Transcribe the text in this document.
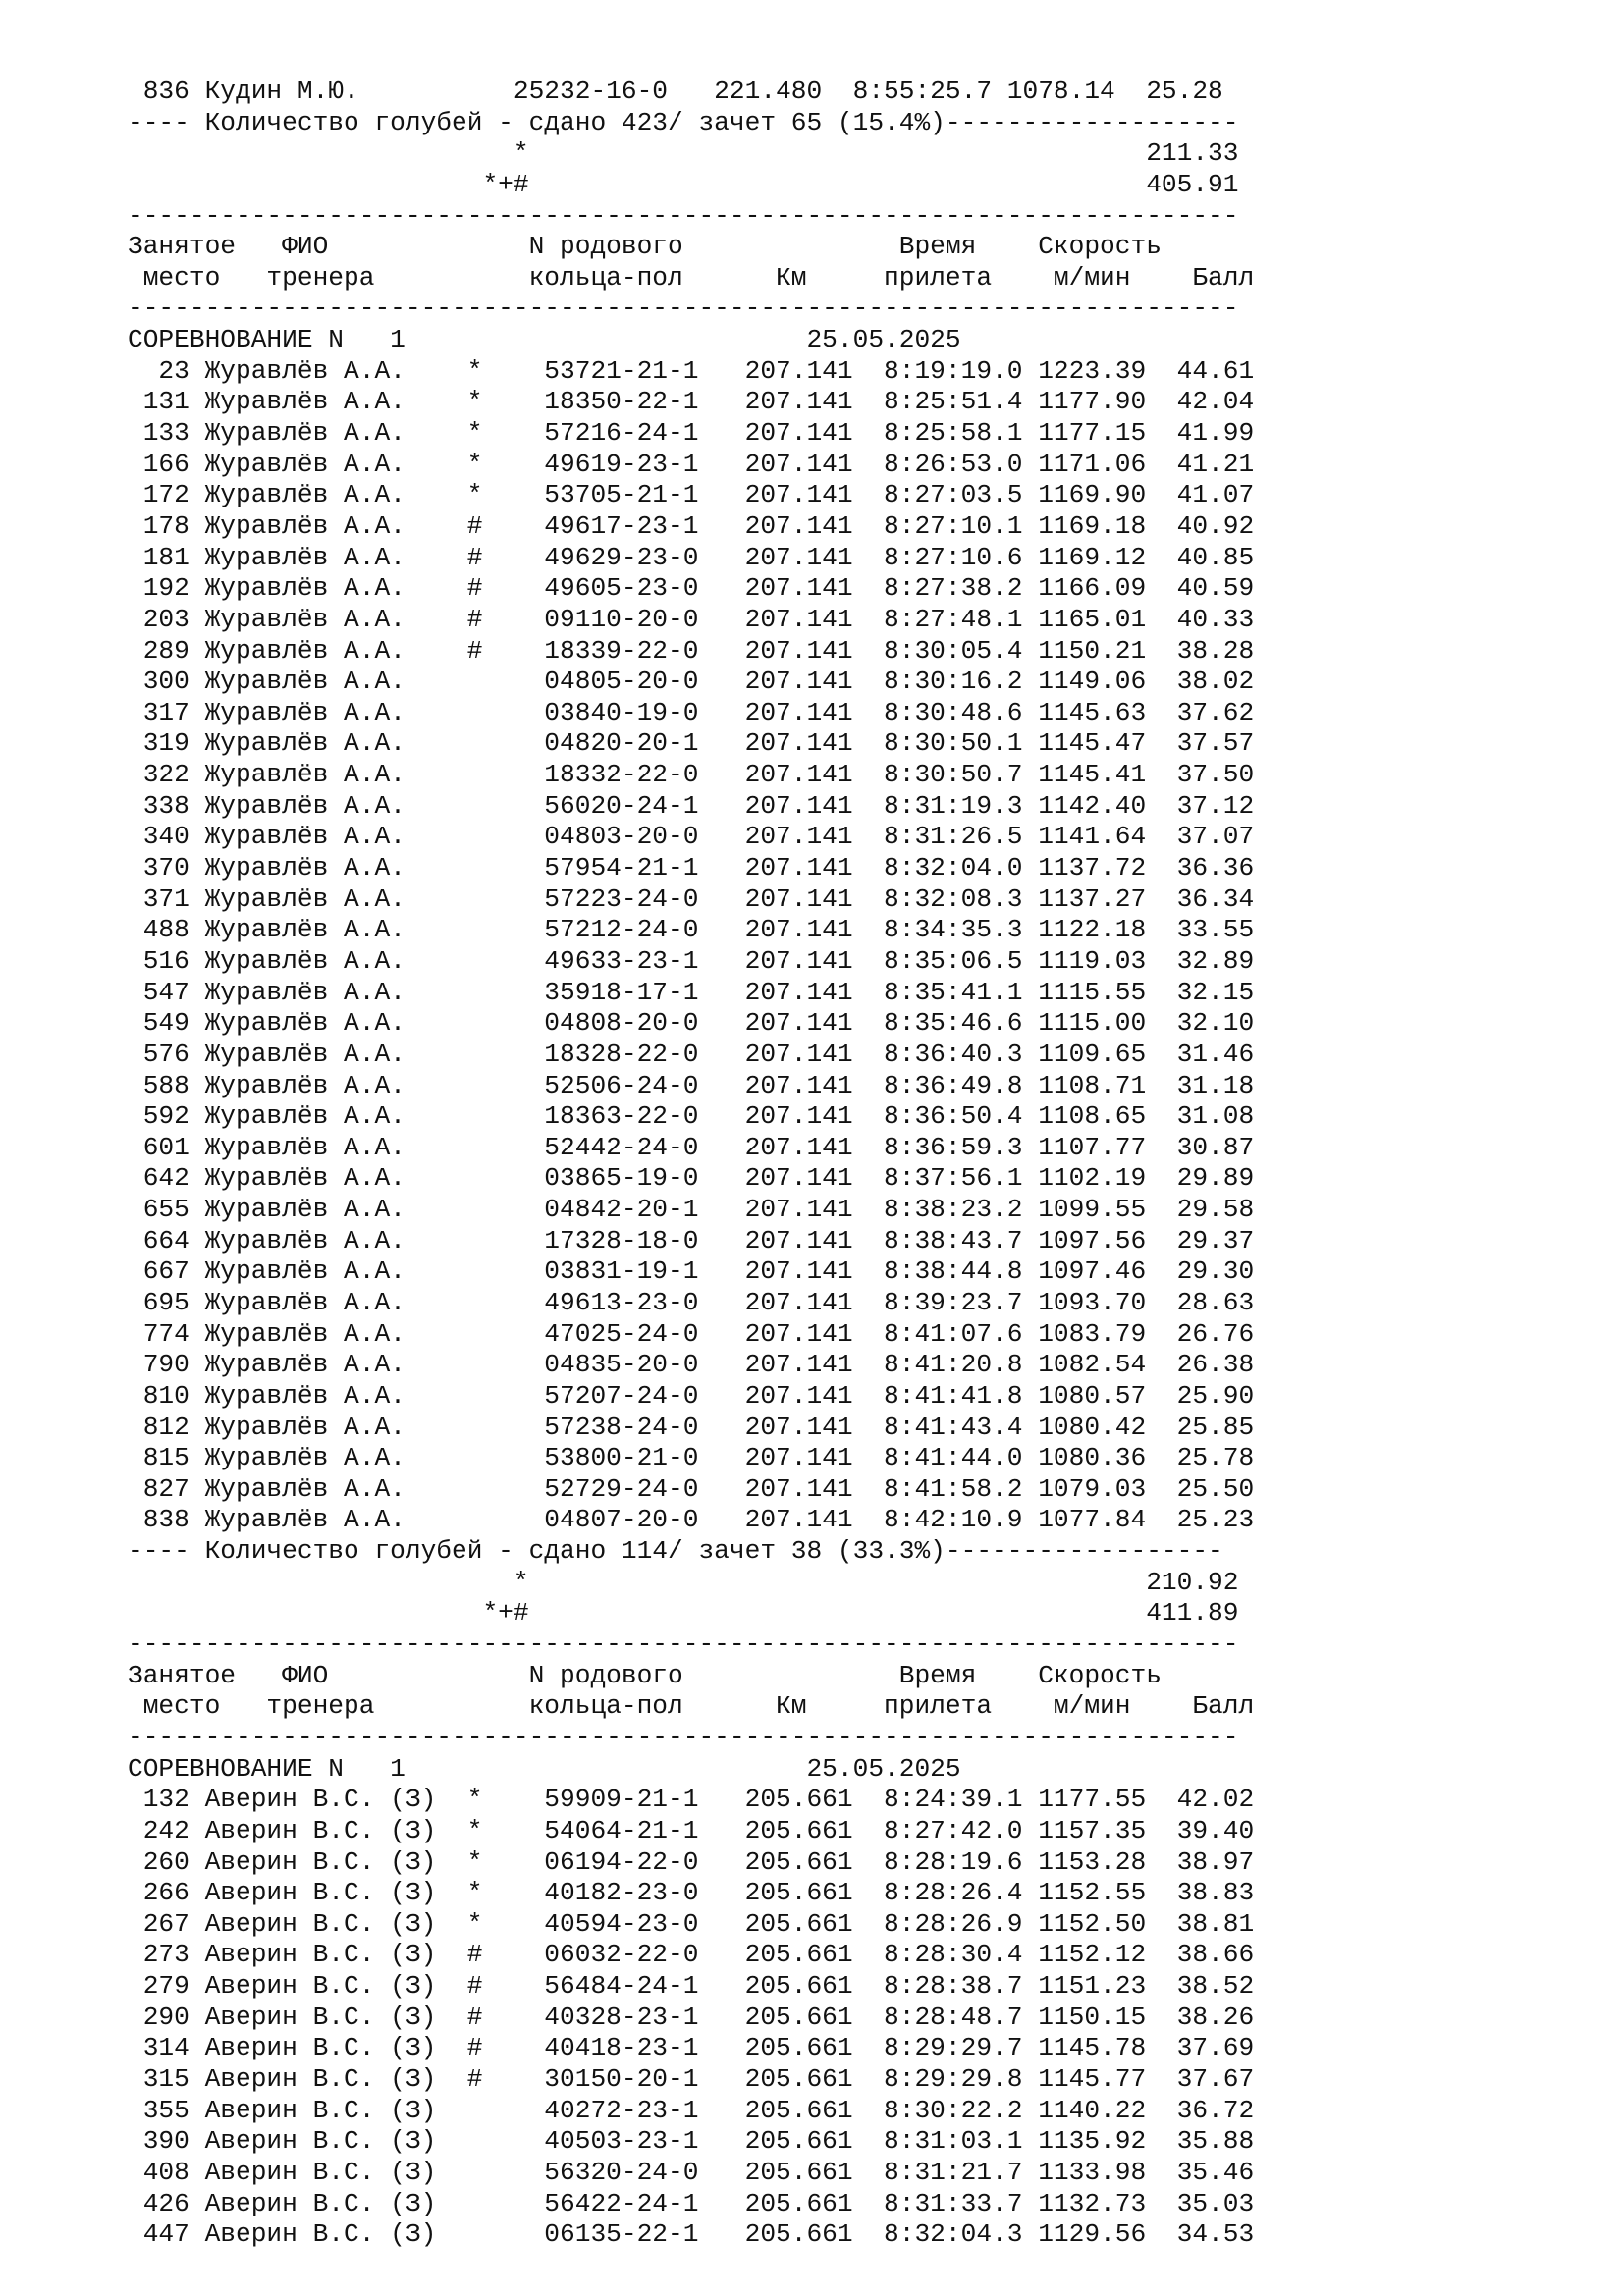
836 Кудин М.Ю.          25232-16-0   221.480  8:55:25.7 1078.14  25.28
---- Количество голубей - сдано 423/ зачет 65 (15.4%)-------------------
*                                        211.33
*+#                                        405.91
------------------------------------------------------------------------
Занятое   ФИО             N родового              Время    Скорость
место   тренера          кольца-пол      Км     прилета    м/мин    Балл
------------------------------------------------------------------------
СОРЕВНОВАНИЕ N   1                          25.05.2025
23 Журавлёв А.А.    *    53721-21-1   207.141  8:19:19.0 1223.39  44.61
131 Журавлёв А.А.    *    18350-22-1   207.141  8:25:51.4 1177.90  42.04
133 Журавлёв А.А.    *    57216-24-1   207.141  8:25:58.1 1177.15  41.99
166 Журавлёв А.А.    *    49619-23-1   207.141  8:26:53.0 1171.06  41.21
172 Журавлёв А.А.    *    53705-21-1   207.141  8:27:03.5 1169.90  41.07
178 Журавлёв А.А.    #    49617-23-1   207.141  8:27:10.1 1169.18  40.92
181 Журавлёв А.А.    #    49629-23-0   207.141  8:27:10.6 1169.12  40.85
192 Журавлёв А.А.    #    49605-23-0   207.141  8:27:38.2 1166.09  40.59
203 Журавлёв А.А.    #    09110-20-0   207.141  8:27:48.1 1165.01  40.33
289 Журавлёв А.А.    #    18339-22-0   207.141  8:30:05.4 1150.21  38.28
300 Журавлёв А.А.         04805-20-0   207.141  8:30:16.2 1149.06  38.02
317 Журавлёв А.А.         03840-19-0   207.141  8:30:48.6 1145.63  37.62
319 Журавлёв А.А.         04820-20-1   207.141  8:30:50.1 1145.47  37.57
322 Журавлёв А.А.         18332-22-0   207.141  8:30:50.7 1145.41  37.50
338 Журавлёв А.А.         56020-24-1   207.141  8:31:19.3 1142.40  37.12
340 Журавлёв А.А.         04803-20-0   207.141  8:31:26.5 1141.64  37.07
370 Журавлёв А.А.         57954-21-1   207.141  8:32:04.0 1137.72  36.36
371 Журавлёв А.А.         57223-24-0   207.141  8:32:08.3 1137.27  36.34
488 Журавлёв А.А.         57212-24-0   207.141  8:34:35.3 1122.18  33.55
516 Журавлёв А.А.         49633-23-1   207.141  8:35:06.5 1119.03  32.89
547 Журавлёв А.А.         35918-17-1   207.141  8:35:41.1 1115.55  32.15
549 Журавлёв А.А.         04808-20-0   207.141  8:35:46.6 1115.00  32.10
576 Журавлёв А.А.         18328-22-0   207.141  8:36:40.3 1109.65  31.46
588 Журавлёв А.А.         52506-24-0   207.141  8:36:49.8 1108.71  31.18
592 Журавлёв А.А.         18363-22-0   207.141  8:36:50.4 1108.65  31.08
601 Журавлёв А.А.         52442-24-0   207.141  8:36:59.3 1107.77  30.87
642 Журавлёв А.А.         03865-19-0   207.141  8:37:56.1 1102.19  29.89
655 Журавлёв А.А.         04842-20-1   207.141  8:38:23.2 1099.55  29.58
664 Журавлёв А.А.         17328-18-0   207.141  8:38:43.7 1097.56  29.37
667 Журавлёв А.А.         03831-19-1   207.141  8:38:44.8 1097.46  29.30
695 Журавлёв А.А.         49613-23-0   207.141  8:39:23.7 1093.70  28.63
774 Журавлёв А.А.         47025-24-0   207.141  8:41:07.6 1083.79  26.76
790 Журавлёв А.А.         04835-20-0   207.141  8:41:20.8 1082.54  26.38
810 Журавлёв А.А.         57207-24-0   207.141  8:41:41.8 1080.57  25.90
812 Журавлёв А.А.         57238-24-0   207.141  8:41:43.4 1080.42  25.85
815 Журавлёв А.А.         53800-21-0   207.141  8:41:44.0 1080.36  25.78
827 Журавлёв А.А.         52729-24-0   207.141  8:41:58.2 1079.03  25.50
838 Журавлёв А.А.         04807-20-0   207.141  8:42:10.9 1077.84  25.23
---- Количество голубей - сдано 114/ зачет 38 (33.3%)------------------
*                                        210.92
*+#                                        411.89
------------------------------------------------------------------------
Занятое   ФИО             N родового              Время    Скорость
место   тренера          кольца-пол      Км     прилета    м/мин    Балл
------------------------------------------------------------------------
СОРЕВНОВАНИЕ N   1                          25.05.2025
132 Аверин В.С. (З)  *    59909-21-1   205.661  8:24:39.1 1177.55  42.02
242 Аверин В.С. (З)  *    54064-21-1   205.661  8:27:42.0 1157.35  39.40
260 Аверин В.С. (З)  *    06194-22-0   205.661  8:28:19.6 1153.28  38.97
266 Аверин В.С. (З)  *    40182-23-0   205.661  8:28:26.4 1152.55  38.83
267 Аверин В.С. (З)  *    40594-23-0   205.661  8:28:26.9 1152.50  38.81
273 Аверин В.С. (З)  #    06032-22-0   205.661  8:28:30.4 1152.12  38.66
279 Аверин В.С. (З)  #    56484-24-1   205.661  8:28:38.7 1151.23  38.52
290 Аверин В.С. (З)  #    40328-23-1   205.661  8:28:48.7 1150.15  38.26
314 Аверин В.С. (З)  #    40418-23-1   205.661  8:29:29.7 1145.78  37.69
315 Аверин В.С. (З)  #    30150-20-1   205.661  8:29:29.8 1145.77  37.67
355 Аверин В.С. (З)       40272-23-1   205.661  8:30:22.2 1140.22  36.72
390 Аверин В.С. (З)       40503-23-1   205.661  8:31:03.1 1135.92  35.88
408 Аверин В.С. (З)       56320-24-0   205.661  8:31:21.7 1133.98  35.46
426 Аверин В.С. (З)       56422-24-1   205.661  8:31:33.7 1132.73  35.03
447 Аверин В.С. (З)       06135-22-1   205.661  8:32:04.3 1129.56  34.53
